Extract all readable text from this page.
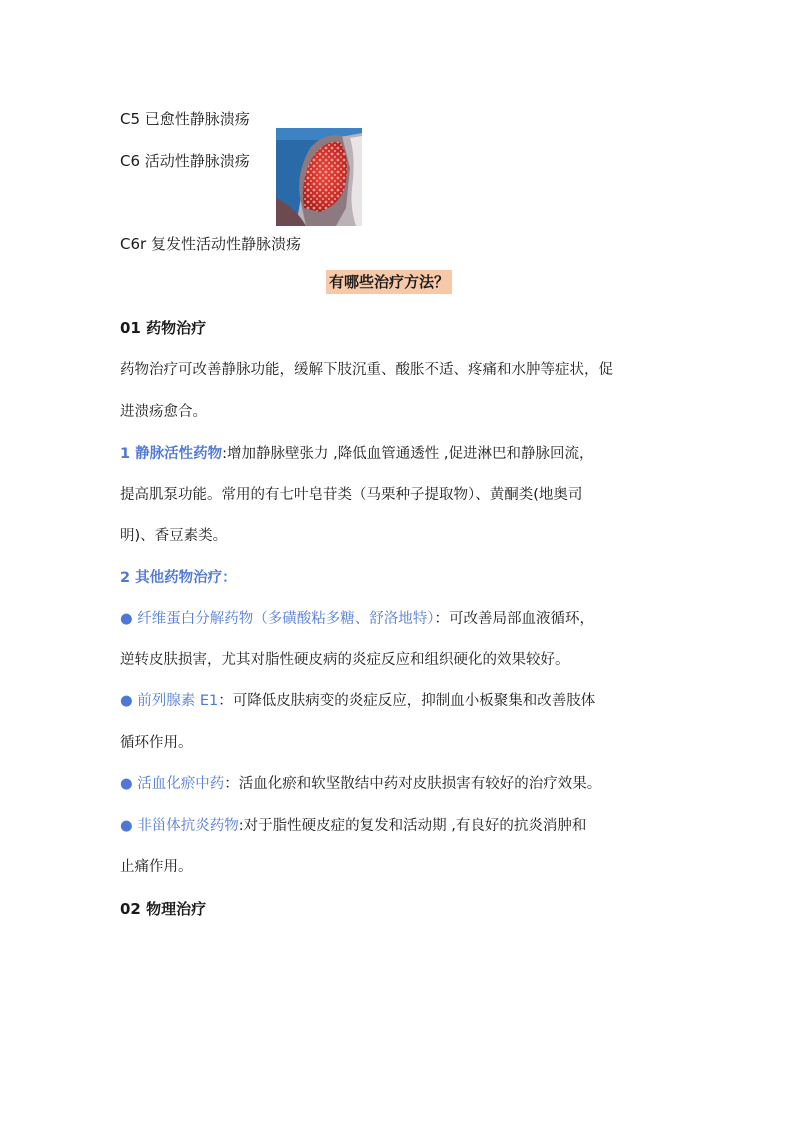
C5 已愈性静脉溃疡
C6 活动性静脉溃疡
C6r 复发性活动性静脉溃疡
有哪些治疗方法？
01 药物治疗
药物治疗可改善静脉功能，缓解下肢沉重、酸胀不适、疼痛和水肿等症状，促
进溃疡愈合。
1 静脉活性药物:增加静脉壁张力 ,降低血管通透性 ,促进淋巴和静脉回流，
提高肌泵功能。常用的有七叶皂苷类（马栗种子提取物）、黄酮类(地奥司
明)、香豆素类。
2 其他药物治疗：
● 纤维蛋白分解药物（多磺酸粘多糖、舒洛地特）：可改善局部血液循环，
逆转皮肤损害，尤其对脂性硬皮病的炎症反应和组织硬化的效果较好。
● 前列腺素 E1：可降低皮肤病变的炎症反应，抑制血小板聚集和改善肢体
循环作用。
● 活血化瘀中药：活血化瘀和软坚散结中药对皮肤损害有较好的治疗效果。
● 非甾体抗炎药物:对于脂性硬皮症的复发和活动期 ,有良好的抗炎消肿和
止痛作用。
02 物理治疗
